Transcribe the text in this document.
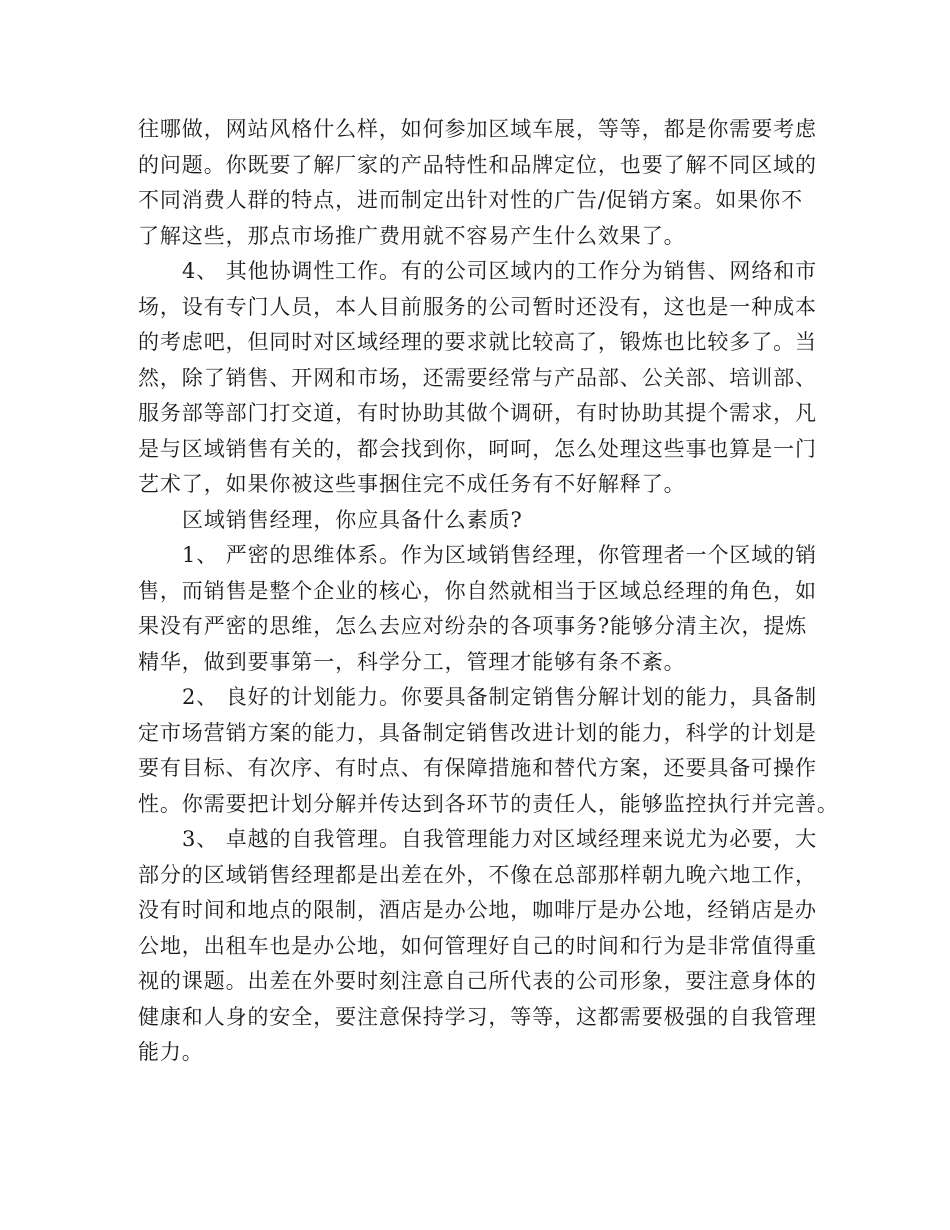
往哪做，网站风格什么样，如何参加区域车展，等等，都是你需要考虑
的问题。你既要了解厂家的产品特性和品牌定位，也要了解不同区域的
不同消费人群的特点，进而制定出针对性的广告/促销方案。如果你不
了解这些，那点市场推广费用就不容易产生什么效果了。
4、 其他协调性工作。有的公司区域内的工作分为销售、网络和市
场，设有专门人员，本人目前服务的公司暂时还没有，这也是一种成本
的考虑吧，但同时对区域经理的要求就比较高了，锻炼也比较多了。当
然，除了销售、开网和市场，还需要经常与产品部、公关部、培训部、
服务部等部门打交道，有时协助其做个调研，有时协助其提个需求，凡
是与区域销售有关的，都会找到你，呵呵，怎么处理这些事也算是一门
艺术了，如果你被这些事捆住完不成任务有不好解释了。
区域销售经理，你应具备什么素质?
1、 严密的思维体系。作为区域销售经理，你管理者一个区域的销
售，而销售是整个企业的核心，你自然就相当于区域总经理的角色，如
果没有严密的思维，怎么去应对纷杂的各项事务?能够分清主次，提炼
精华，做到要事第一，科学分工，管理才能够有条不紊。
2、 良好的计划能力。你要具备制定销售分解计划的能力，具备制
定市场营销方案的能力，具备制定销售改进计划的能力，科学的计划是
要有目标、有次序、有时点、有保障措施和替代方案，还要具备可操作
性。你需要把计划分解并传达到各环节的责任人，能够监控执行并完善。
3、 卓越的自我管理。自我管理能力对区域经理来说尤为必要，大
部分的区域销售经理都是出差在外，不像在总部那样朝九晚六地工作，
没有时间和地点的限制，酒店是办公地，咖啡厅是办公地，经销店是办
公地，出租车也是办公地，如何管理好自己的时间和行为是非常值得重
视的课题。出差在外要时刻注意自己所代表的公司形象，要注意身体的
健康和人身的安全，要注意保持学习，等等，这都需要极强的自我管理
能力。
